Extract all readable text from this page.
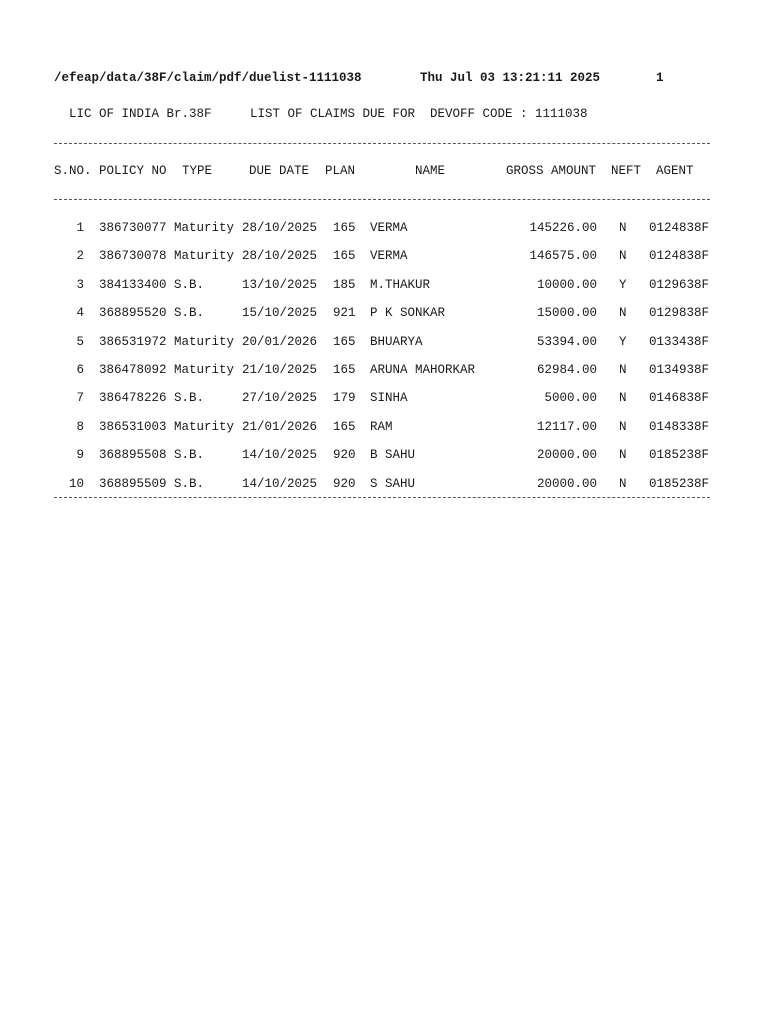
/efeap/data/38F/claim/pdf/duelist-1111038	Thu Jul 03 13:21:11 2025	1
LIC OF INDIA Br.38F	LIST OF CLAIMS DUE FOR  DEVOFF CODE : 1111038
S.NO. POLICY NO TYPE	DUE DATE PLAN	NAME	GROSS AMOUNT NEFT AGENT
1 386730077 Maturity 28/10/2025 165 VERMA	145226.00 N 0124838F
2 386730078 Maturity 28/10/2025 165 VERMA	146575.00 N 0124838F
3 384133400 S.B.	13/10/2025 185 M.THAKUR	10000.00 Y 0129638F
4 368895520 S.B.	15/10/2025 921 P K SONKAR	15000.00 N 0129838F
5 386531972 Maturity 20/01/2026 165 BHUARYA	53394.00 Y 0133438F
6 386478092 Maturity 21/10/2025 165 ARUNA MAHORKAR	62984.00 N 0134938F
7 386478226 S.B.	27/10/2025 179 SINHA	5000.00 N 0146838F
8 386531003 Maturity 21/01/2026 165 RAM	12117.00 N 0148338F
9 368895508 S.B.	14/10/2025 920 B SAHU	20000.00 N 0185238F
10 368895509 S.B.	14/10/2025 920 S SAHU	20000.00 N 0185238F
